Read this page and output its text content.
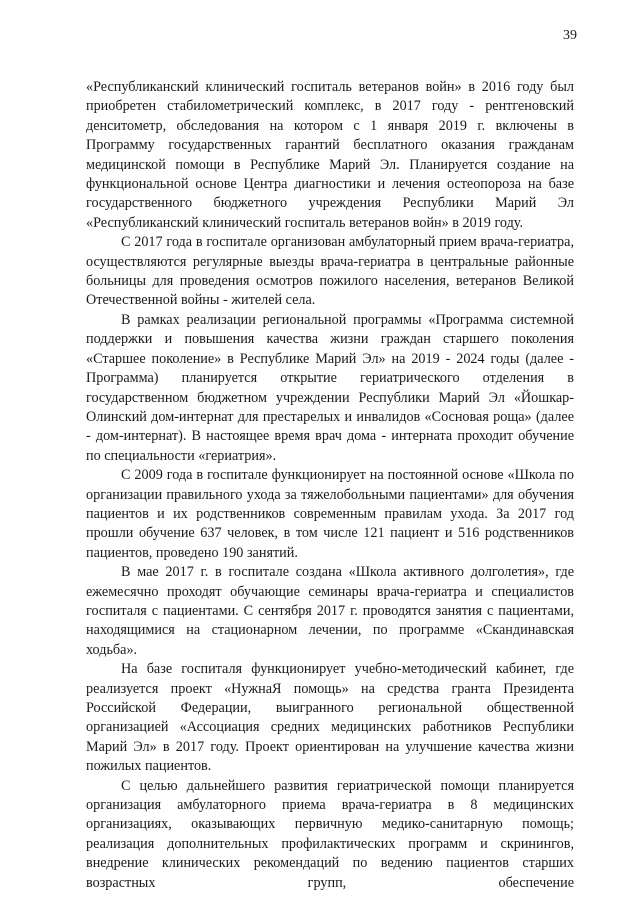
39

«Республиканский клинический госпиталь ветеранов войн» в 2016 году был приобретен стабилометрический комплекс, в 2017 году - рентгеновский денситометр, обследования на котором с 1 января 2019 г. включены в Программу государственных гарантий бесплатного оказания гражданам медицинской помощи в Республике Марий Эл. Планируется создание на функциональной основе Центра диагностики и лечения остеопороза на базе государственного бюджетного учреждения Республики Марий Эл «Республиканский клинический госпиталь ветеранов войн» в 2019 году.

С 2017 года в госпитале организован амбулаторный прием врача-гериатра, осуществляются регулярные выезды врача-гериатра в центральные районные больницы для проведения осмотров пожилого населения, ветеранов Великой Отечественной войны - жителей села.

В рамках реализации региональной программы «Программа системной поддержки и повышения качества жизни граждан старшего поколения «Старшее поколение» в Республике Марий Эл» на 2019 - 2024 годы (далее - Программа) планируется открытие гериатрического отделения в государственном бюджетном учреждении Республики Марий Эл «Йошкар-Олинский дом-интернат для престарелых и инвалидов «Сосновая роща» (далее - дом-интернат). В настоящее время врач дома - интерната проходит обучение по специальности «гериатрия».

С 2009 года в госпитале функционирует на постоянной основе «Школа по организации правильного ухода за тяжелобольными пациентами» для обучения пациентов и их родственников современным правилам ухода. За 2017 год прошли обучение 637 человек, в том числе 121 пациент и 516 родственников пациентов, проведено 190 занятий.

В мае 2017 г. в госпитале создана «Школа активного долголетия», где ежемесячно проходят обучающие семинары врача-гериатра и специалистов госпиталя с пациентами. С сентября 2017 г. проводятся занятия с пациентами, находящимися на стационарном лечении, по программе «Скандинавская ходьба».

На базе госпиталя функционирует учебно-методический кабинет, где реализуется проект «НужнаЯ помощь» на средства гранта Президента Российской Федерации, выигранного региональной общественной организацией «Ассоциация средних медицинских работников Республики Марий Эл» в 2017 году. Проект ориентирован на улучшение качества жизни пожилых пациентов.

С целью дальнейшего развития гериатрической помощи планируется организация амбулаторного приема врача-гериатра в 8 медицинских организациях, оказывающих первичную медико-санитарную помощь; реализация дополнительных профилактических программ и скринингов, внедрение клинических рекомендаций по ведению пациентов старших возрастных групп, обеспечение
